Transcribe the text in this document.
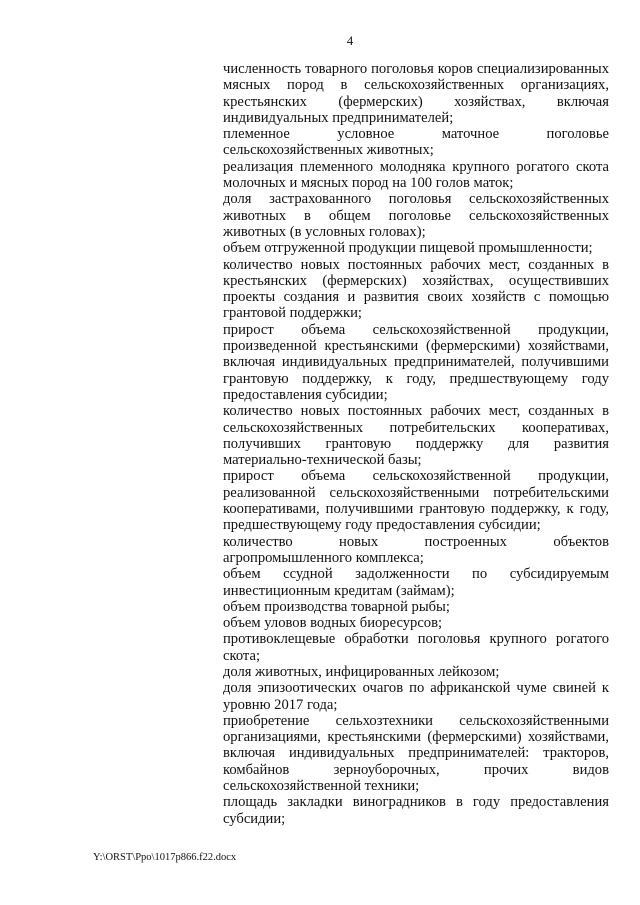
4

численность товарного поголовья коров специализированных мясных пород в сельскохозяйственных организациях, крестьянских (фермерских) хозяйствах, включая индивидуальных предпринимателей;

племенное условное маточное поголовье сельскохозяйственных животных;

реализация племенного молодняка крупного рогатого скота молочных и мясных пород на 100 голов маток;

доля застрахованного поголовья сельскохозяйственных животных в общем поголовье сельскохозяйственных животных (в условных головах);

объем отгруженной продукции пищевой промышленности;

количество новых постоянных рабочих мест, созданных в крестьянских (фермерских) хозяйствах, осуществивших проекты создания и развития своих хозяйств с помощью грантовой поддержки;

прирост объема сельскохозяйственной продукции, произведенной крестьянскими (фермерскими) хозяйствами, включая индивидуальных предпринимателей, получившими грантовую поддержку, к году, предшествующему году предоставления субсидии;

количество новых постоянных рабочих мест, созданных в сельскохозяйственных потребительских кооперативах, получивших грантовую поддержку для развития материально-технической базы;

прирост объема сельскохозяйственной продукции, реализованной сельскохозяйственными потребительскими кооперативами, получившими грантовую поддержку, к году, предшествующему году предоставления субсидии;

количество новых построенных объектов агропромышленного комплекса;

объем ссудной задолженности по субсидируемым инвестиционным кредитам (займам);

объем производства товарной рыбы;

объем уловов водных биоресурсов;

противоклещевые обработки поголовья крупного рогатого скота;

доля животных, инфицированных лейкозом;

доля эпизоотических очагов по африканской чуме свиней к уровню 2017 года;

приобретение сельхозтехники сельскохозяйственными организациями, крестьянскими (фермерскими) хозяйствами, включая индивидуальных предпринимателей: тракторов, комбайнов зерноуборочных, прочих видов сельскохозяйственной техники;

площадь закладки виноградников в году предоставления субсидии;

Y:\ORST\Ppo\1017p866.f22.docx
